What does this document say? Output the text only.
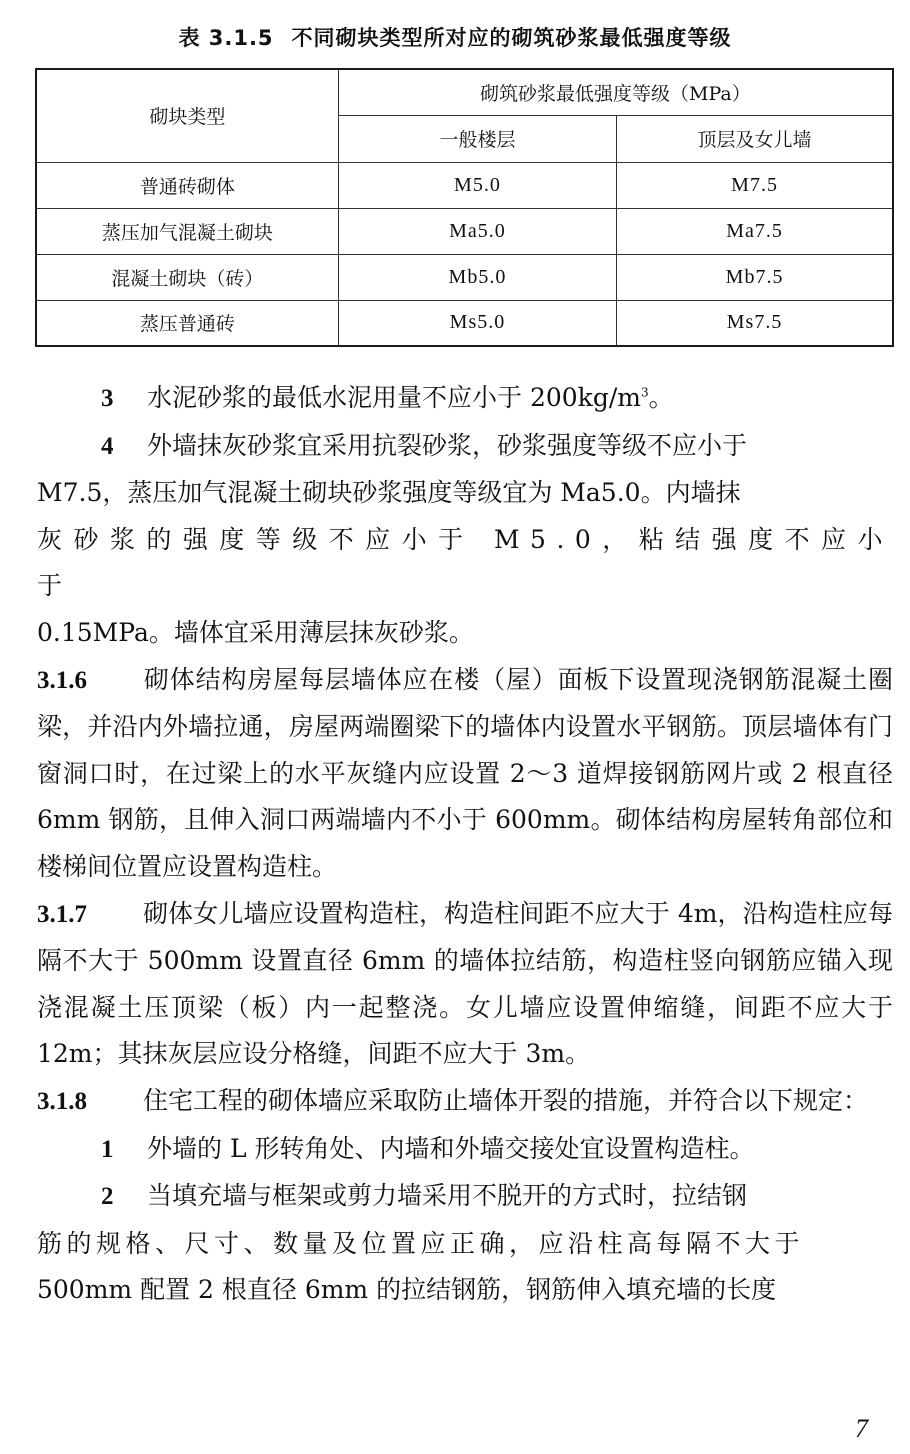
表 3.1.5 不同砌块类型所对应的砌筑砂浆最低强度等级
砌块类型	砌筑砂浆最低强度等级（MPa）	
	一般楼层	顶层及女儿墙
普通砖砌体	M5.0	M7.5
蒸压加气混凝土砌块	Ma5.0	Ma7.5
混凝土砌块（砖）	Mb5.0	Mb7.5
蒸压普通砖	Ms5.0	Ms7.5

3 水泥砂浆的最低水泥用量不应小于 $200kg/m^3$。

4 外墙抹灰砂浆宜采用抗裂砂浆，砂浆强度等级不应小于
M7.5，蒸压加气混凝土砌块砂浆强度等级宜为 Ma5.0。内墙抹
灰砂浆的强度等级不应小于 M5.0，粘结强度不应小于
0.15MPa。墙体宜采用薄层抹灰砂浆。

3.1.6 砌体结构房屋每层墙体应在楼（屋）面板下设置现浇钢筋混凝土圈梁，并沿内外墙拉通，房屋两端圈梁下的墙体内设置水平钢筋。顶层墙体有门窗洞口时，在过梁上的水平灰缝内应设置 2～3 道焊接钢筋网片或 2 根直径 6mm 钢筋，且伸入洞口两端墙内不小于 600mm。砌体结构房屋转角部位和楼梯间位置应设置构造柱。

3.1.7 砌体女儿墙应设置构造柱，构造柱间距不应大于 4m，沿构造柱应每隔不大于 500mm 设置直径 6mm 的墙体拉结筋，构造柱竖向钢筋应锚入现浇混凝土压顶梁（板）内一起整浇。女儿墙应设置伸缩缝，间距不应大于 12m；其抹灰层应设分格缝，间距不应大于 3m。

3.1.8 住宅工程的砌体墙应采取防止墙体开裂的措施，并符合以下规定：

1 外墙的 L 形转角处、内墙和外墙交接处宜设置构造柱。

2 当填充墙与框架或剪力墙采用不脱开的方式时，拉结钢
筋的规格、尺寸、数量及位置应正确，应沿柱高每隔不大于
500mm 配置 2 根直径 6mm 的拉结钢筋，钢筋伸入填充墙的长度

7
